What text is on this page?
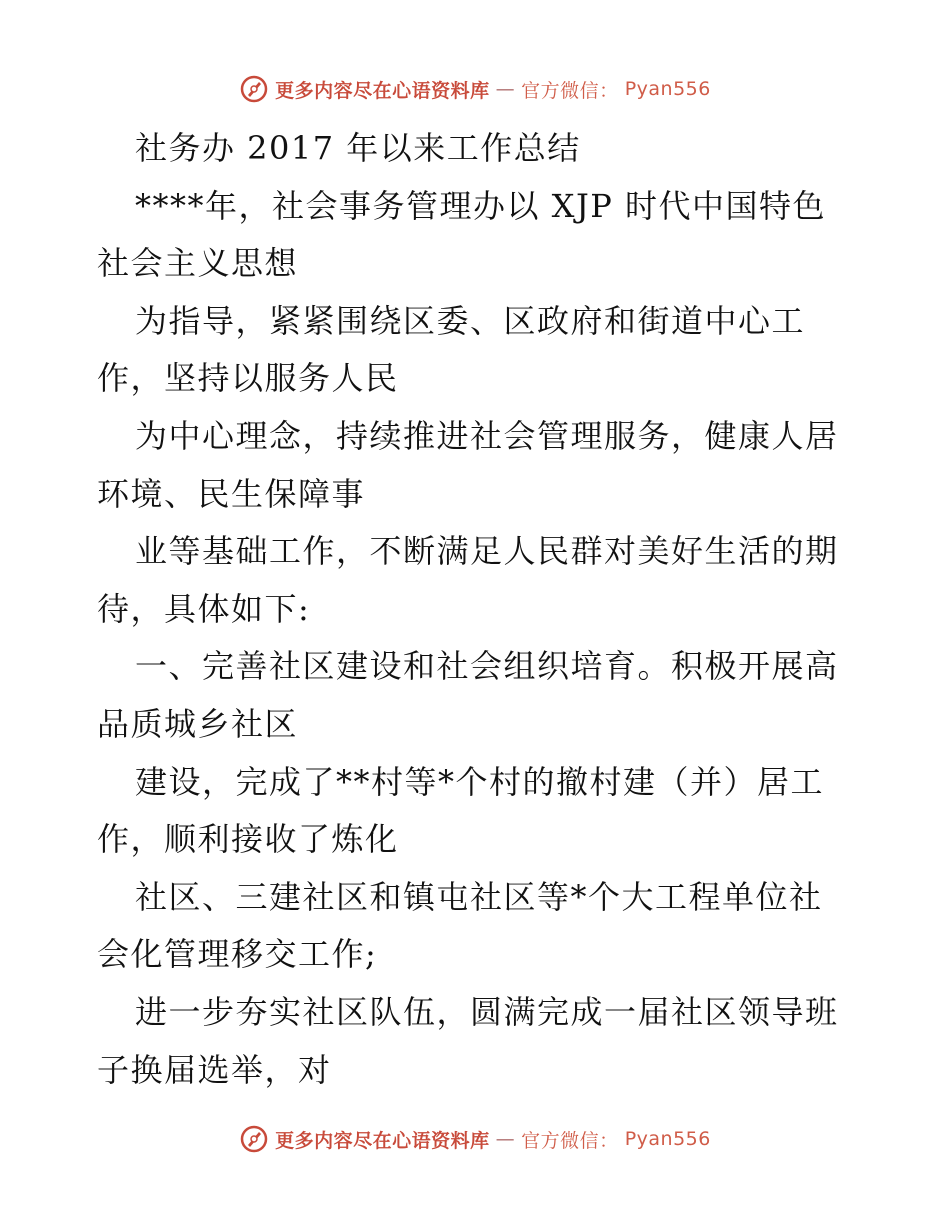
更多内容尽在心语资料库 — 官方微信： Pyan556
社务办 2017 年以来工作总结
****年，社会事务管理办以 XJP 时代中国特色
社会主义思想
为指导，紧紧围绕区委、区政府和街道中心工
作，坚持以服务人民
为中心理念，持续推进社会管理服务，健康人居
环境、民生保障事
业等基础工作，不断满足人民群对美好生活的期
待，具体如下:
一、完善社区建设和社会组织培育。积极开展高
品质城乡社区
建设，完成了**村等*个村的撤村建（并）居工
作，顺利接收了炼化
社区、三建社区和镇屯社区等*个大工程单位社
会化管理移交工作;
进一步夯实社区队伍，圆满完成一届社区领导班
子换届选举，对
更多内容尽在心语资料库 — 官方微信： Pyan556
